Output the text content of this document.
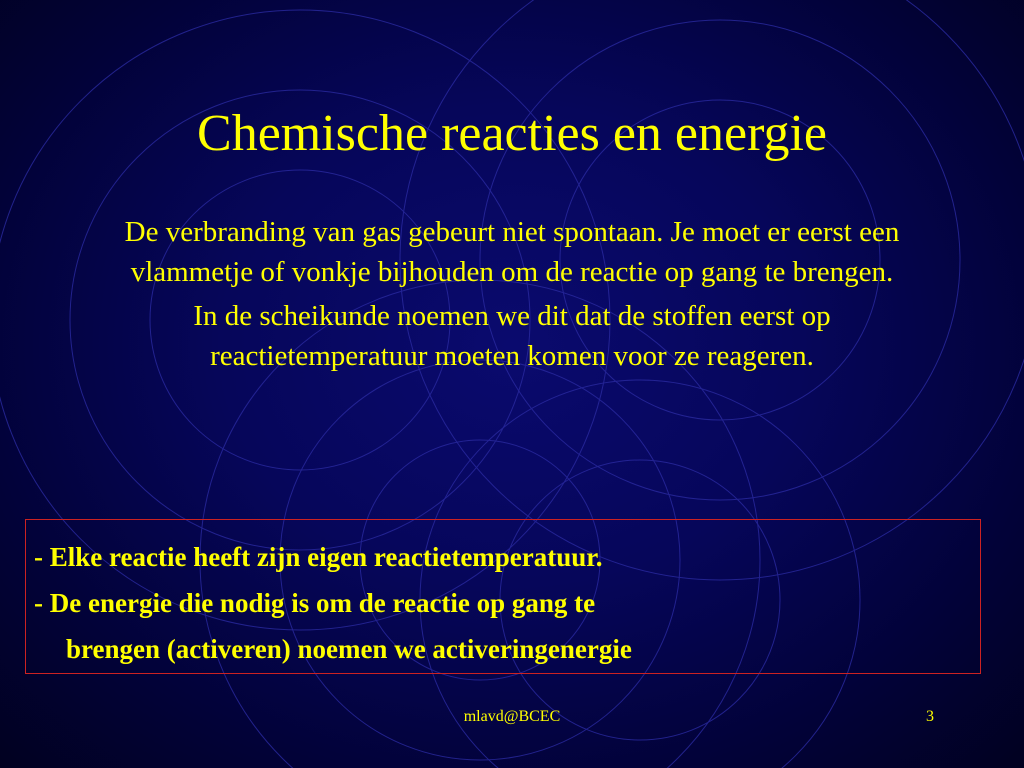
Chemische reacties en energie

De verbranding van gas gebeurt niet spontaan. Je moet er eerst een vlammetje of vonkje bijhouden om de reactie op gang te brengen.

In de scheikunde noemen we dit dat de stoffen eerst op reactietemperatuur moeten komen voor ze reageren.

- Elke reactie heeft zijn eigen reactietemperatuur.
- De energie die nodig is om de reactie op gang te
brengen (activeren) noemen we activeringenergie
mlavd@BCEC	3
